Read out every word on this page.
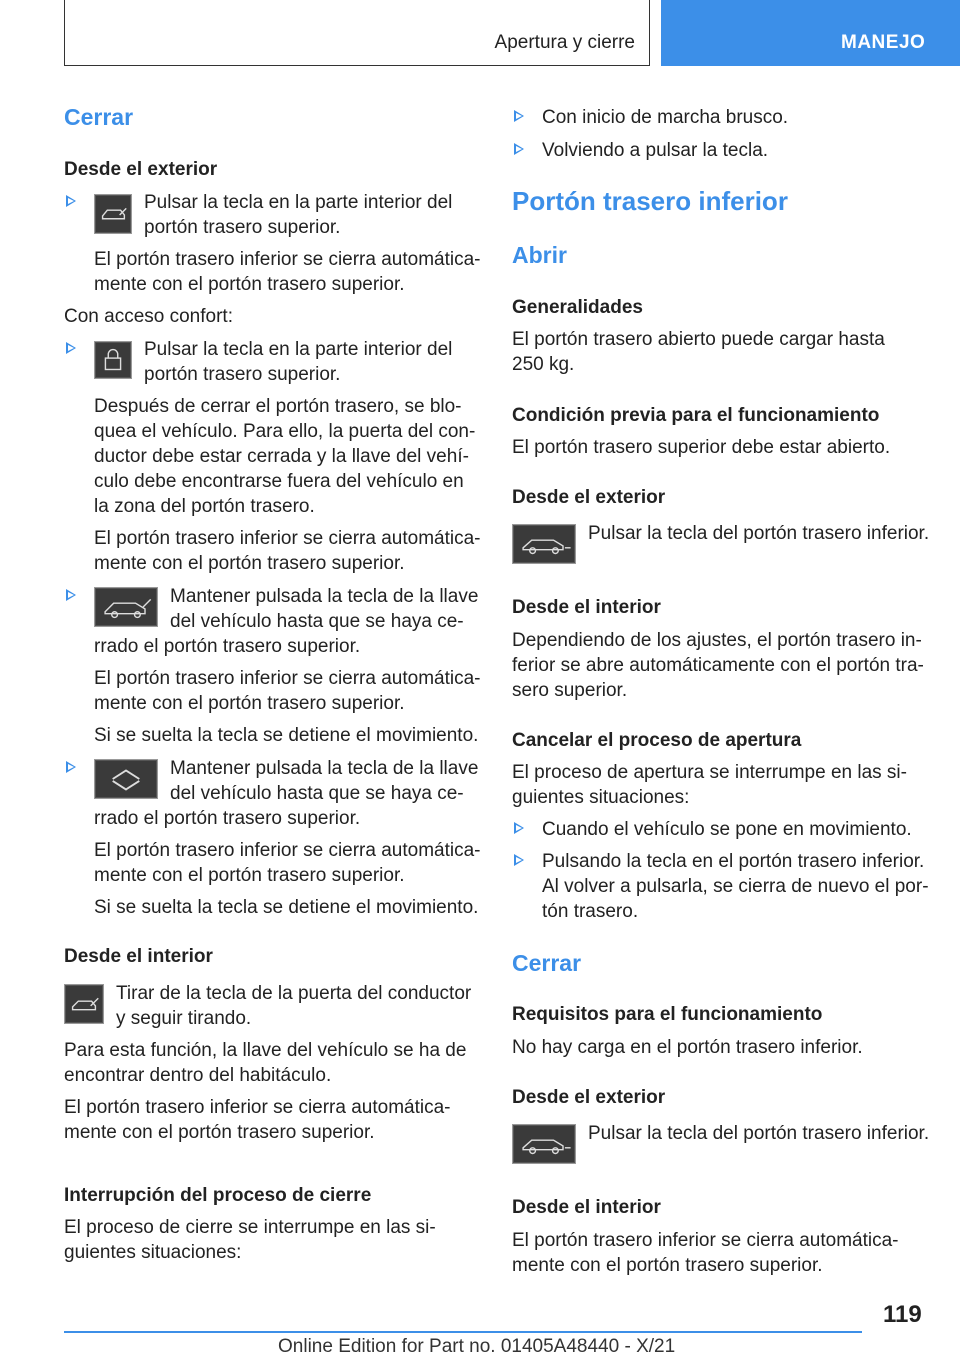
Apertura y cierre	MANEJO
Cerrar
Desde el exterior
Pulsar la tecla en la parte interior del
portón trasero superior.
El portón trasero inferior se cierra automática-
mente con el portón trasero superior.
Con acceso confort:
Pulsar la tecla en la parte interior del
portón trasero superior.
Después de cerrar el portón trasero, se blo-
quea el vehículo. Para ello, la puerta del con-
ductor debe estar cerrada y la llave del vehí-
culo debe encontrarse fuera del vehículo en
la zona del portón trasero.
El portón trasero inferior se cierra automática-
mente con el portón trasero superior.
Mantener pulsada la tecla de la llave
del vehículo hasta que se haya ce-
rrado el portón trasero superior.
El portón trasero inferior se cierra automática-
mente con el portón trasero superior.
Si se suelta la tecla se detiene el movimiento.
Mantener pulsada la tecla de la llave
del vehículo hasta que se haya ce-
rrado el portón trasero superior.
El portón trasero inferior se cierra automática-
mente con el portón trasero superior.
Si se suelta la tecla se detiene el movimiento.
Desde el interior
Tirar de la tecla de la puerta del conductor
y seguir tirando.
Para esta función, la llave del vehículo se ha de
encontrar dentro del habitáculo.
El portón trasero inferior se cierra automática-
mente con el portón trasero superior.
Interrupción del proceso de cierre
El proceso de cierre se interrumpe en las si-
guientes situaciones:
Con inicio de marcha brusco.
Volviendo a pulsar la tecla.
Portón trasero inferior
Abrir
Generalidades
El portón trasero abierto puede cargar hasta
250 kg.
Condición previa para el funcionamiento
El portón trasero superior debe estar abierto.
Desde el exterior
Pulsar la tecla del portón trasero inferior.
Desde el interior
Dependiendo de los ajustes, el portón trasero in-
ferior se abre automáticamente con el portón tra-
sero superior.
Cancelar el proceso de apertura
El proceso de apertura se interrumpe en las si-
guientes situaciones:
Cuando el vehículo se pone en movimiento.
Pulsando la tecla en el portón trasero inferior.
Al volver a pulsarla, se cierra de nuevo el por-
tón trasero.
Cerrar
Requisitos para el funcionamiento
No hay carga en el portón trasero inferior.
Desde el exterior
Pulsar la tecla del portón trasero inferior.
Desde el interior
El portón trasero inferior se cierra automática-
mente con el portón trasero superior.
119
Online Edition for Part no. 01405A48440 - X/21
